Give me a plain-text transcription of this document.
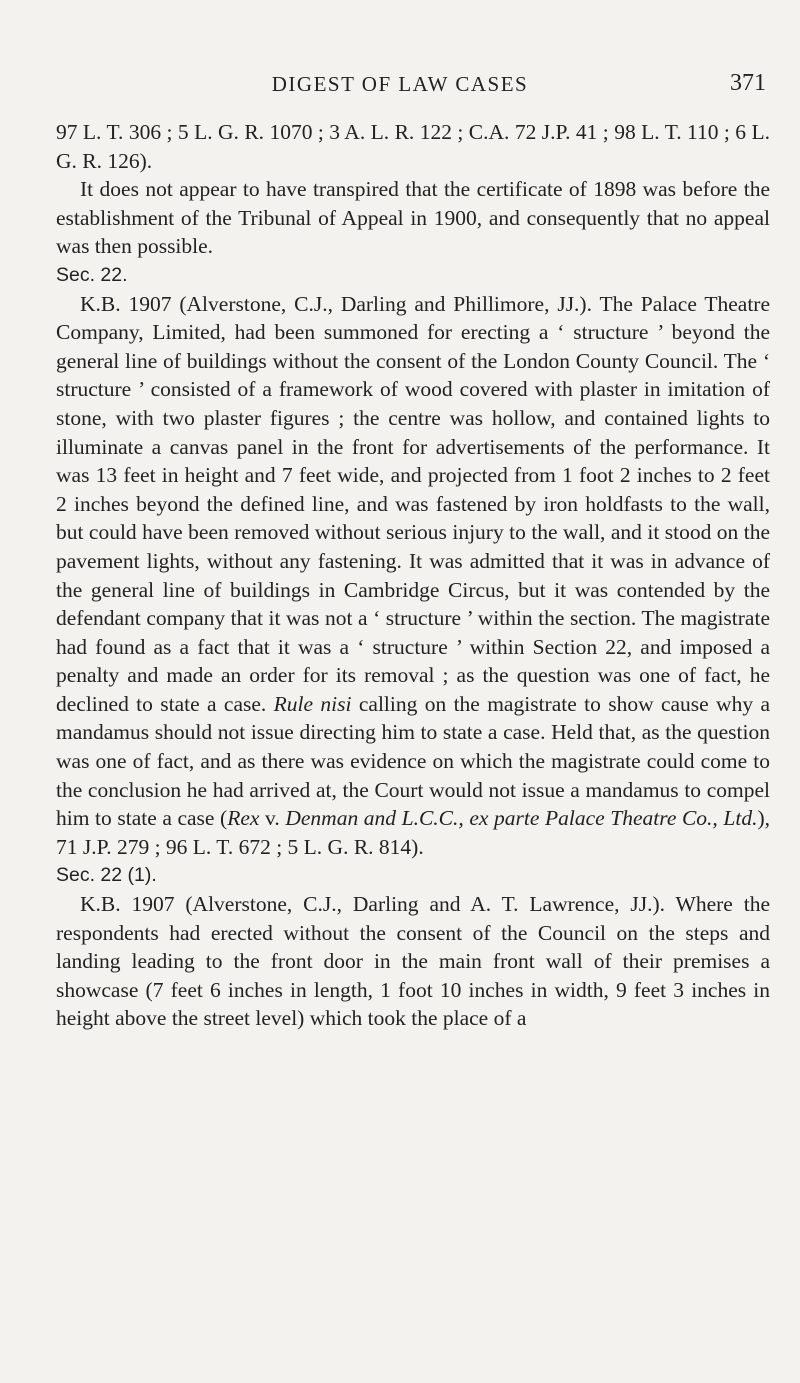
DIGEST OF LAW CASES	371

97 L. T. 306 ; 5 L. G. R. 1070 ; 3 A. L. R. 122 ; C.A. 72 J.P. 41 ; 98 L. T. 110 ; 6 L. G. R. 126).

It does not appear to have transpired that the certificate of 1898 was before the establishment of the Tribunal of Appeal in 1900, and consequently that no appeal was then possible.

Sec. 22.

K.B. 1907 (Alverstone, C.J., Darling and Phillimore, JJ.). The Palace Theatre Company, Limited, had been summoned for erecting a ‘ structure ’ beyond the general line of buildings without the consent of the London County Council. The ‘ structure ’ consisted of a framework of wood covered with plaster in imitation of stone, with two plaster figures ; the centre was hollow, and contained lights to illuminate a canvas panel in the front for advertisements of the performance. It was 13 feet in height and 7 feet wide, and projected from 1 foot 2 inches to 2 feet 2 inches beyond the defined line, and was fastened by iron holdfasts to the wall, but could have been removed without serious injury to the wall, and it stood on the pavement lights, without any fastening. It was admitted that it was in advance of the general line of buildings in Cambridge Circus, but it was contended by the defendant company that it was not a ‘ structure ’ within the section. The magistrate had found as a fact that it was a ‘ structure ’ within Section 22, and imposed a penalty and made an order for its removal ; as the question was one of fact, he declined to state a case. Rule nisi calling on the magistrate to show cause why a mandamus should not issue directing him to state a case. Held that, as the question was one of fact, and as there was evidence on which the magistrate could come to the conclusion he had arrived at, the Court would not issue a mandamus to compel him to state a case (Rex v. Denman and L.C.C., ex parte Palace Theatre Co., Ltd.), 71 J.P. 279 ; 96 L. T. 672 ; 5 L. G. R. 814).

Sec. 22 (1).

K.B. 1907 (Alverstone, C.J., Darling and A. T. Lawrence, JJ.). Where the respondents had erected without the consent of the Council on the steps and landing leading to the front door in the main front wall of their premises a showcase (7 feet 6 inches in length, 1 foot 10 inches in width, 9 feet 3 inches in height above the street level) which took the place of a
